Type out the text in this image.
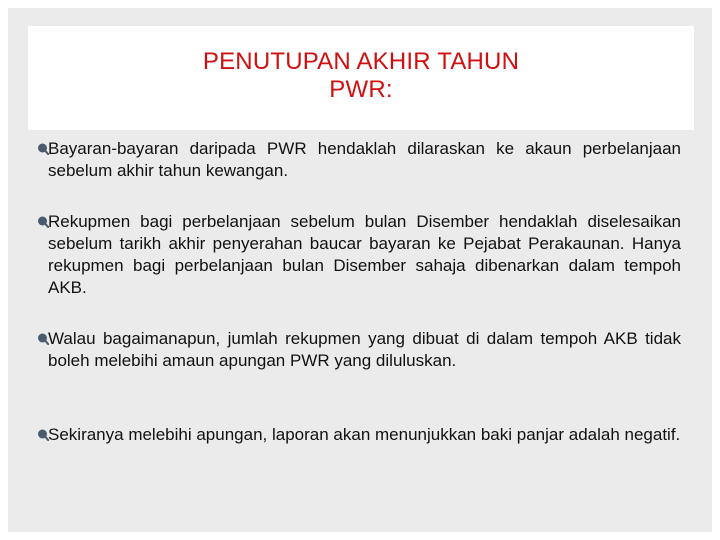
PENUTUPAN AKHIR TAHUN
PWR:
Bayaran-bayaran daripada PWR hendaklah dilaraskan ke akaun perbelanjaan sebelum akhir tahun kewangan.
Rekupmen bagi perbelanjaan sebelum bulan Disember hendaklah diselesaikan sebelum tarikh akhir penyerahan baucar bayaran ke Pejabat Perakaunan. Hanya rekupmen bagi perbelanjaan bulan Disember sahaja dibenarkan dalam tempoh AKB.
Walau bagaimanapun, jumlah rekupmen yang dibuat di dalam tempoh AKB tidak boleh melebihi amaun apungan PWR yang diluluskan.
Sekiranya melebihi apungan, laporan akan menunjukkan baki panjar adalah negatif.
